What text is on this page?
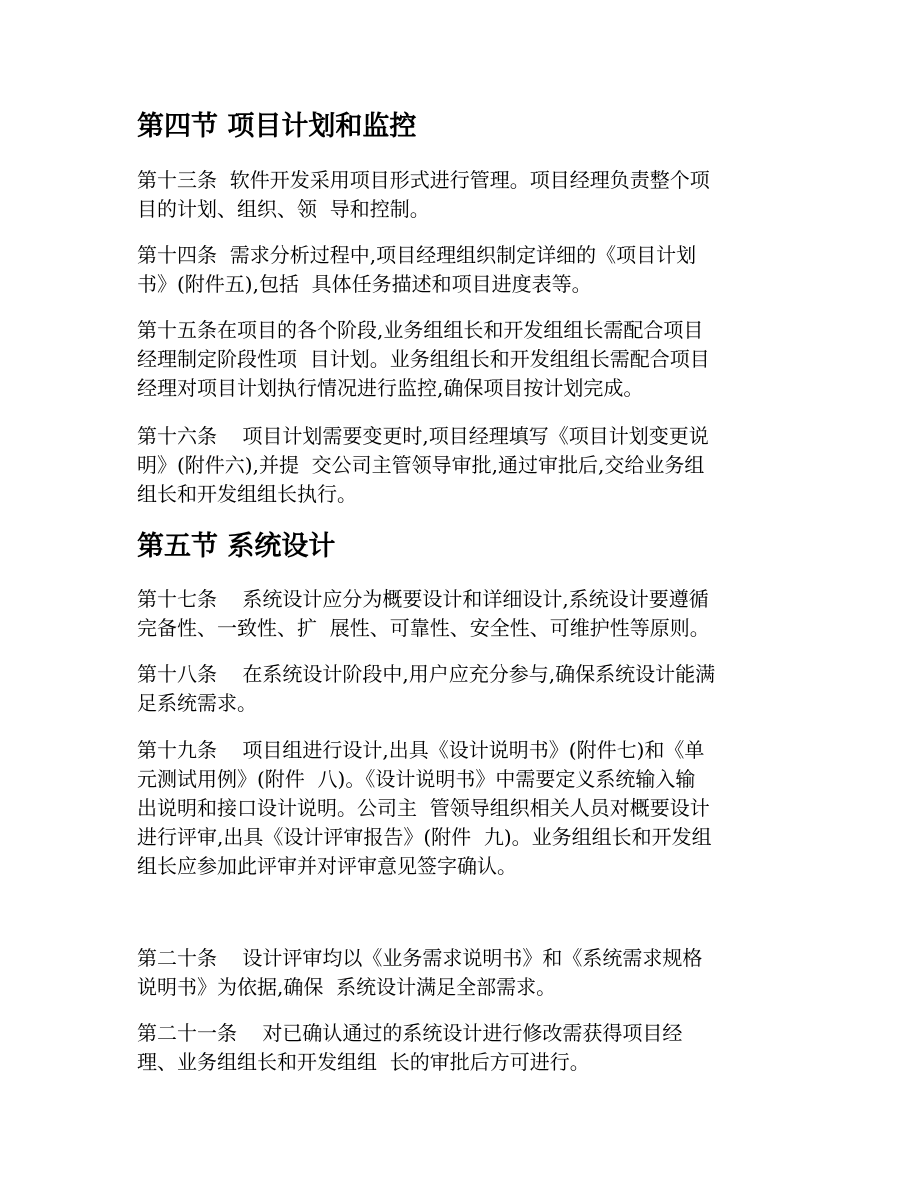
第四节 项目计划和监控

第十三条  软件开发采用项目形式进行管理。项目经理负责整个项

目的计划、组织、领  导和控制。

第十四条  需求分析过程中,项目经理组织制定详细的《项目计划

书》(附件五),包括  具体任务描述和项目进度表等。

第十五条在项目的各个阶段,业务组组长和开发组组长需配合项目

经理制定阶段性项  目计划。业务组组长和开发组组长需配合项目

经理对项目计划执行情况进行监控,确保项目按计划完成。

第十六条    项目计划需要变更时,项目经理填写《项目计划变更说

明》(附件六),并提  交公司主管领导审批,通过审批后,交给业务组

组长和开发组组长执行。

第五节 系统设计

第十七条    系统设计应分为概要设计和详细设计,系统设计要遵循

完备性、一致性、扩  展性、可靠性、安全性、可维护性等原则。

第十八条    在系统设计阶段中,用户应充分参与,确保系统设计能满

足系统需求。

第十九条    项目组进行设计,出具《设计说明书》(附件七)和《单

元测试用例》(附件  八)。《设计说明书》中需要定义系统输入输

出说明和接口设计说明。公司主  管领导组织相关人员对概要设计

进行评审,出具《设计评审报告》(附件  九)。业务组组长和开发组

组长应参加此评审并对评审意见签字确认。

第二十条    设计评审均以《业务需求说明书》和《系统需求规格

说明书》为依据,确保  系统设计满足全部需求。

第二十一条    对已确认通过的系统设计进行修改需获得项目经

理、业务组组长和开发组组  长的审批后方可进行。
